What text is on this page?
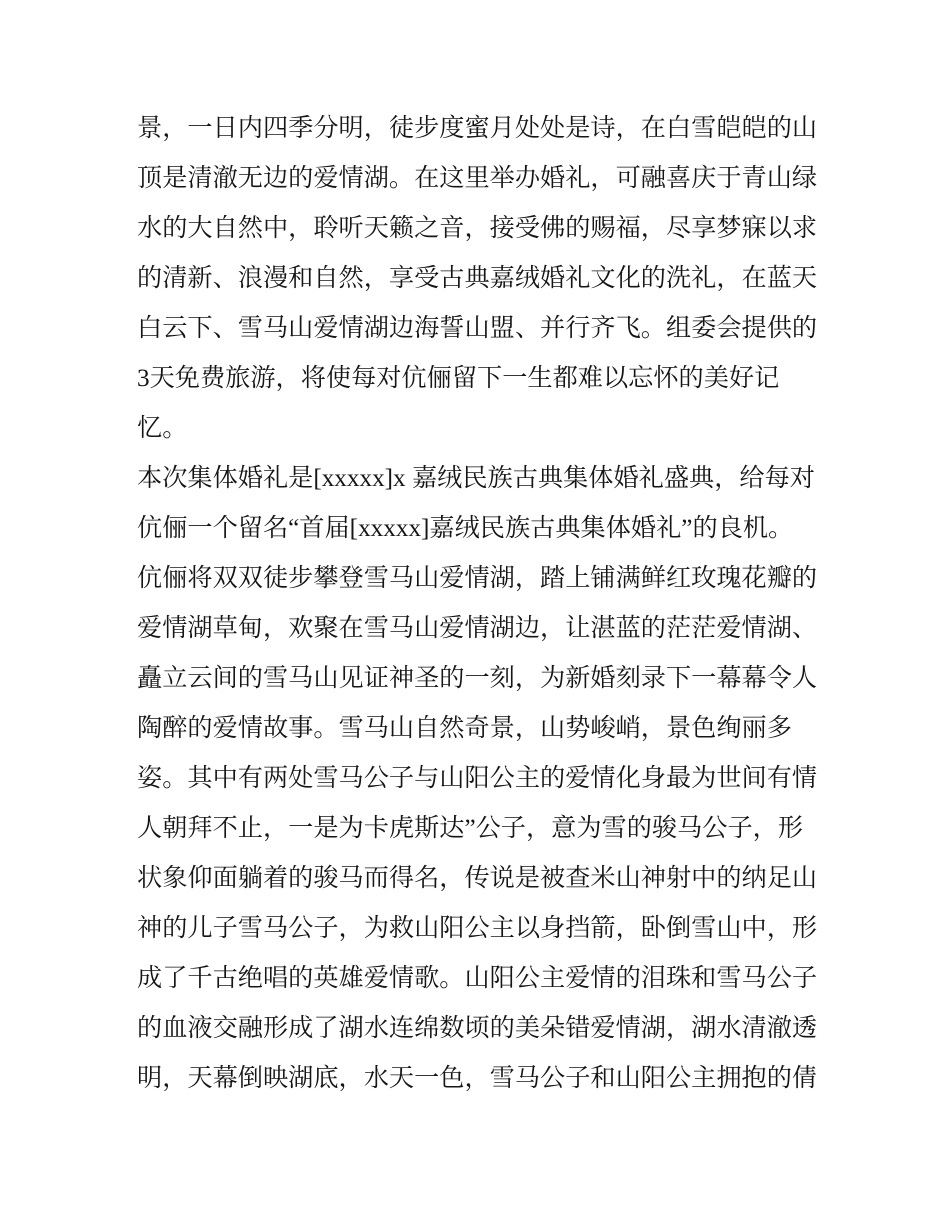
景，一日内四季分明，徒步度蜜月处处是诗，在白雪皑皑的山
顶是清澈无边的爱情湖。在这里举办婚礼，可融喜庆于青山绿
水的大自然中，聆听天籁之音，接受佛的赐福，尽享梦寐以求
的清新、浪漫和自然，享受古典嘉绒婚礼文化的洗礼，在蓝天
白云下、雪马山爱情湖边海誓山盟、并行齐飞。组委会提供的
3天免费旅游，将使每对伉俪留下一生都难以忘怀的美好记
忆。
本次集体婚礼是[xxxxx]x 嘉绒民族古典集体婚礼盛典，给每对
伉俪一个留名“首届[xxxxx]嘉绒民族古典集体婚礼”的良机。
伉俪将双双徒步攀登雪马山爱情湖，踏上铺满鲜红玫瑰花瓣的
爱情湖草甸，欢聚在雪马山爱情湖边，让湛蓝的茫茫爱情湖、
矗立云间的雪马山见证神圣的一刻，为新婚刻录下一幕幕令人
陶醉的爱情故事。雪马山自然奇景，山势峻峭，景色绚丽多
姿。其中有两处雪马公子与山阳公主的爱情化身最为世间有情
人朝拜不止，一是为卡虎斯达”公子，意为雪的骏马公子，形
状象仰面躺着的骏马而得名，传说是被查米山神射中的纳足山
神的儿子雪马公子，为救山阳公主以身挡箭，卧倒雪山中，形
成了千古绝唱的英雄爱情歌。山阳公主爱情的泪珠和雪马公子
的血液交融形成了湖水连绵数顷的美朵错爱情湖，湖水清澈透
明，天幕倒映湖底，水天一色，雪马公子和山阳公主拥抱的倩
